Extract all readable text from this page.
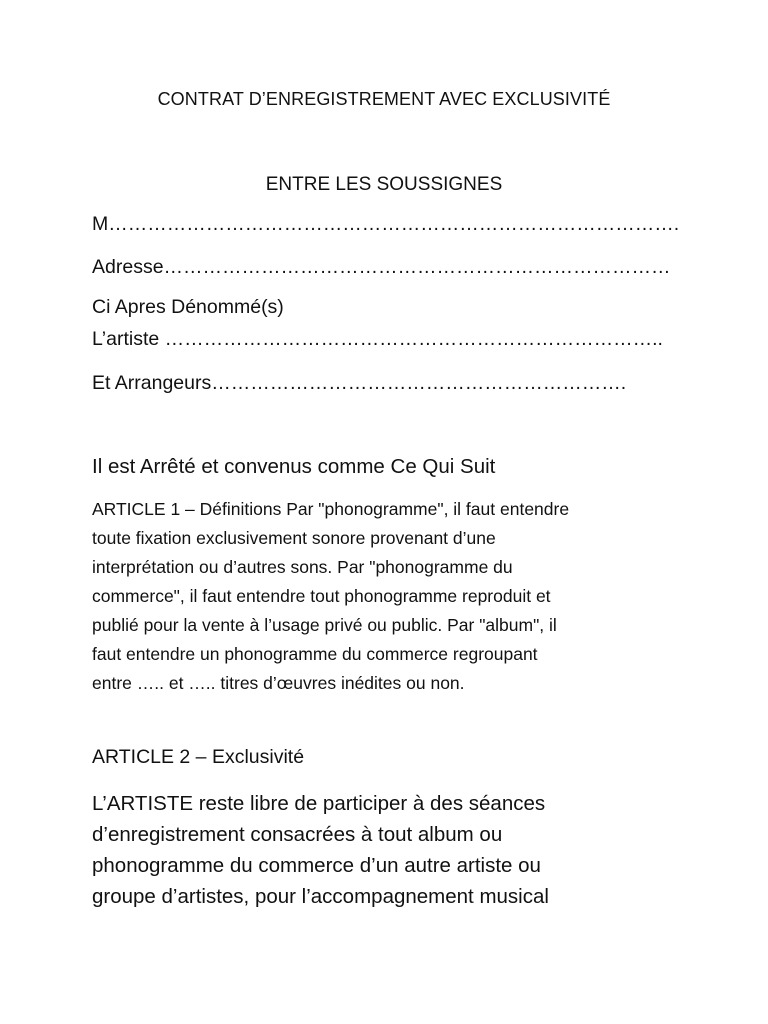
CONTRAT D’ENREGISTREMENT AVEC EXCLUSIVITÉ
ENTRE LES SOUSSIGNES
M…………………………………………………………………………….
Adresse……………………………………………………………………
Ci Apres Dénommé(s)
L’artiste …………………………………………………………………..
Et Arrangeurs……………………………………………………….
Il est Arrêté et convenus comme Ce Qui Suit
ARTICLE 1 – Définitions Par "phonogramme", il faut entendre
toute fixation exclusivement sonore provenant d’une
interprétation ou d’autres sons. Par "phonogramme du
commerce", il faut entendre tout phonogramme reproduit et
publié pour la vente à l’usage privé ou public. Par "album", il
faut entendre un phonogramme du commerce regroupant
entre ….. et ….. titres d’œuvres inédites ou non.
ARTICLE 2 – Exclusivité
L’ARTISTE reste libre de participer à des séances
d’enregistrement consacrées à tout album ou
phonogramme du commerce d’un autre artiste ou
groupe d’artistes, pour l’accompagnement musical
